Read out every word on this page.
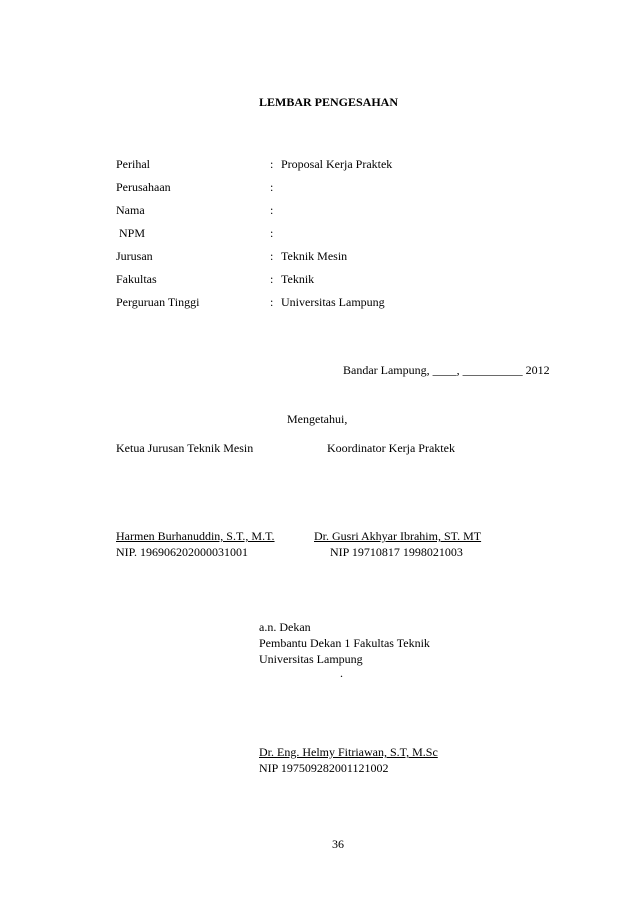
LEMBAR PENGESAHAN
Perihal	: Proposal Kerja Praktek
Perusahaan	:
Nama	:
NPM	:
Jurusan	: Teknik Mesin
Fakultas	: Teknik
Perguruan Tinggi	: Universitas Lampung
Bandar Lampung, ____, __________ 2012
Mengetahui,
Ketua Jurusan Teknik Mesin	Koordinator Kerja Praktek
Harmen Burhanuddin, S.T., M.T.	Dr. Gusri Akhyar Ibrahim, ST. MT
NIP. 196906202000031001	NIP 19710817 1998021003
a.n. Dekan
Pembantu Dekan 1 Fakultas Teknik
Universitas Lampung
.
Dr. Eng. Helmy Fitriawan, S.T, M.Sc
NIP 197509282001121002
36
